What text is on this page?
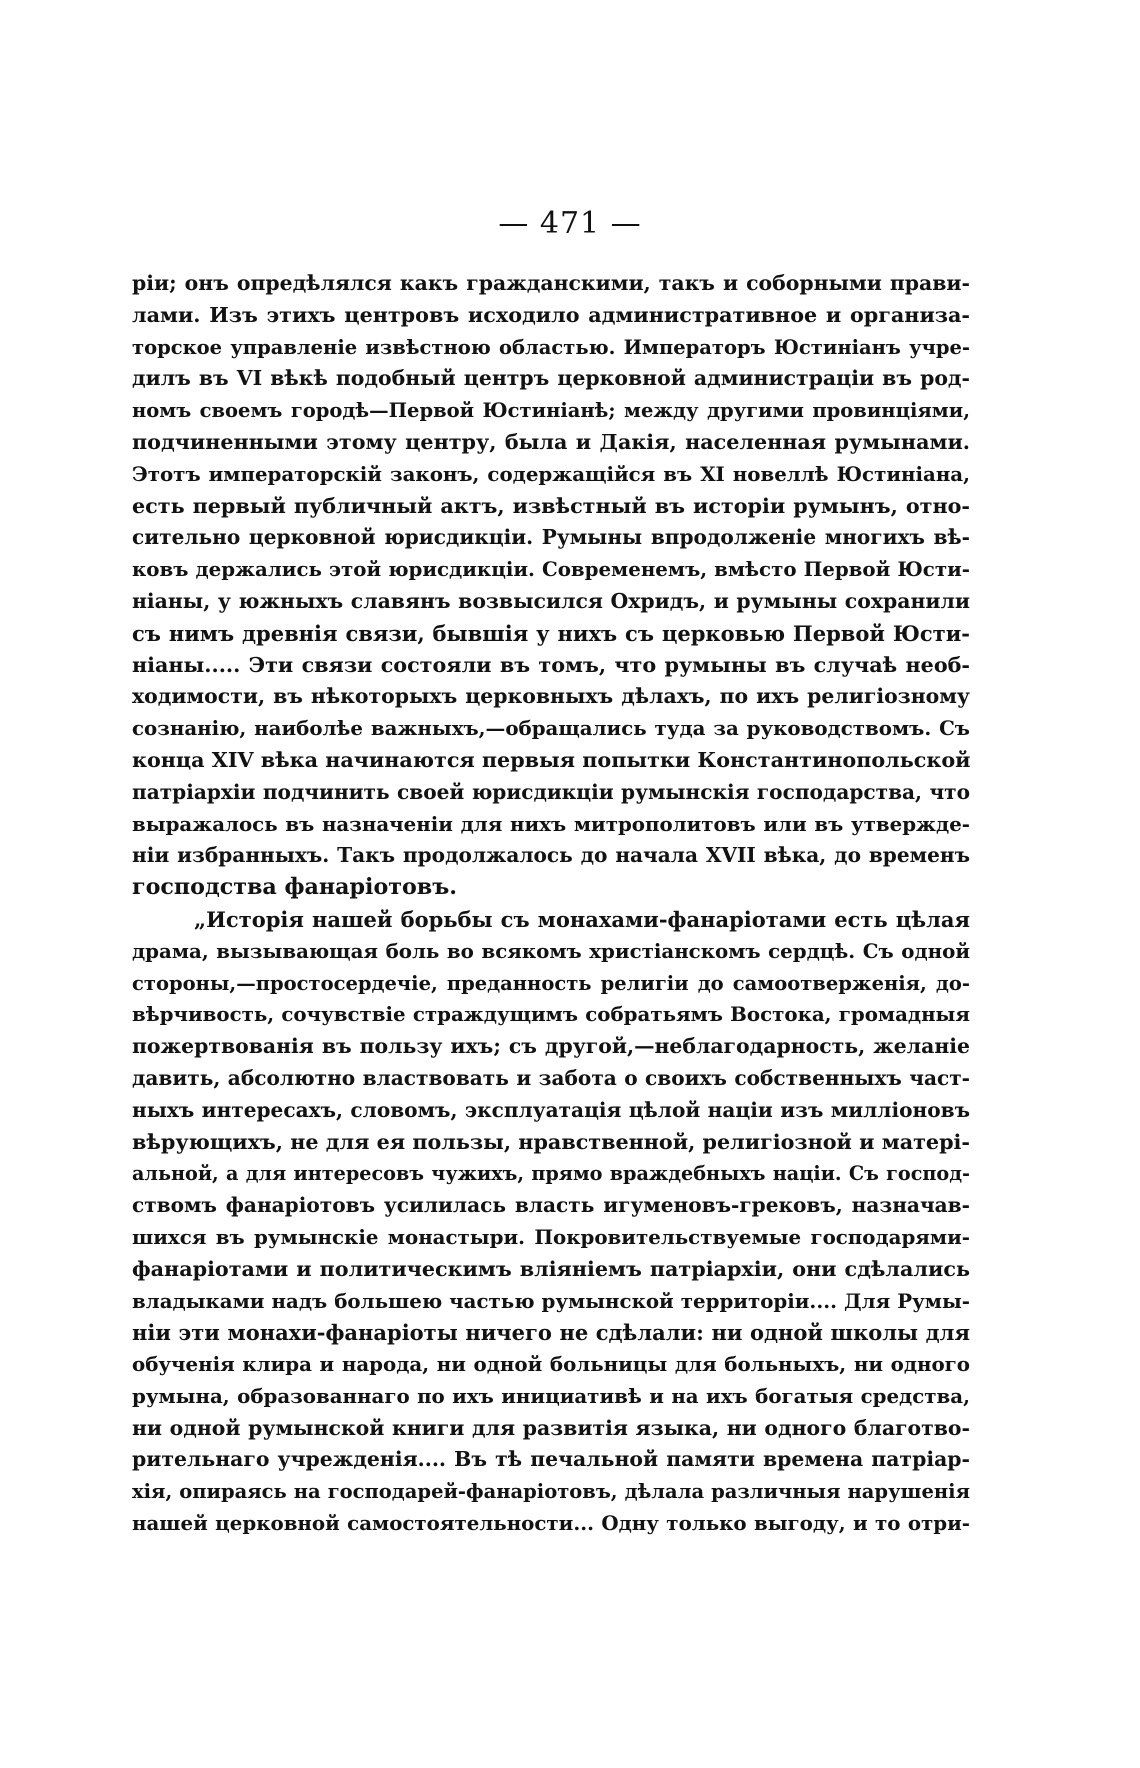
— 471 —
рiи; онъ опредѣлялся какъ гражданскими, такъ и соборными прави-
лами. Изъ этихъ центровъ исходило административное и организа-
торское управленiе извѣстною областью. Императоръ Юстинiанъ учре-
дилъ въ VI вѣкѣ подобный центръ церковной администрацiи въ род-
номъ своемъ городѣ—Первой Юстинiанѣ; между другими провинцiями,
подчиненными этому центру, была и Дакiя, населенная румынами.
Этотъ императорскiй законъ, содержащiйся въ XI новеллѣ Юстинiана,
есть первый публичный актъ, извѣстный въ исторiи румынъ, отно-
сительно церковной юрисдикцiи. Румыны впродолженiе многихъ вѣ-
ковъ держались этой юрисдикцiи. Современемъ, вмѣсто Первой Юсти-
нiаны, у южныхъ славянъ возвысился Охридъ, и румыны сохранили
съ нимъ древнiя связи, бывшiя у нихъ съ церковью Первой Юсти-
нiаны..... Эти связи состояли въ томъ, что румыны въ случаѣ необ-
ходимости, въ нѣкоторыхъ церковныхъ дѣлахъ, по ихъ религiозному
сознанiю, наиболѣе важныхъ,—обращались туда за руководствомъ. Съ
конца XIV вѣка начинаются первыя попытки Константинопольской
патрiархiи подчинить своей юрисдикцiи румынскiя господарства, что
выражалось въ назначенiи для нихъ митрополитовъ или въ утвержде-
нiи избранныхъ. Такъ продолжалось до начала XVII вѣка, до временъ
господства фанарiотовъ.
„Исторiя нашей борьбы съ монахами-фанарiотами есть цѣлая
драма, вызывающая боль во всякомъ христiанскомъ сердцѣ. Съ одной
стороны,—простосердечiе, преданность религiи до самоотверженiя, до-
вѣрчивость, сочувствiе страждущимъ собратьямъ Востока, громадныя
пожертвованiя въ пользу ихъ; съ другой,—неблагодарность, желанiе
давить, абсолютно властвовать и забота о своихъ собственныхъ част-
ныхъ интересахъ, словомъ, эксплуатацiя цѣлой нацiи изъ миллiоновъ
вѣрующихъ, не для ея пользы, нравственной, религiозной и матерi-
альной, а для интересовъ чужихъ, прямо враждебныхъ нацiи. Съ господ-
ствомъ фанарiотовъ усилилась власть игуменовъ-грековъ, назначав-
шихся въ румынскiе монастыри. Покровительствуемые господарями-
фанарiотами и политическимъ влiянiемъ патрiархiи, они сдѣлались
владыками надъ большею частью румынской территорiи.... Для Румы-
нiи эти монахи-фанарiоты ничего не сдѣлали: ни одной школы для
обученiя клира и народа, ни одной больницы для больныхъ, ни одного
румына, образованнаго по ихъ инициативѣ и на ихъ богатыя средства,
ни одной румынской книги для развитiя языка, ни одного благотво-
рительнаго учрежденiя.... Въ тѣ печальной памяти времена патрiар-
хiя, опираясь на господарей-фанарiотовъ, дѣлала различныя нарушенiя
нашей церковной самостоятельности... Одну только выгоду, и то отри-
